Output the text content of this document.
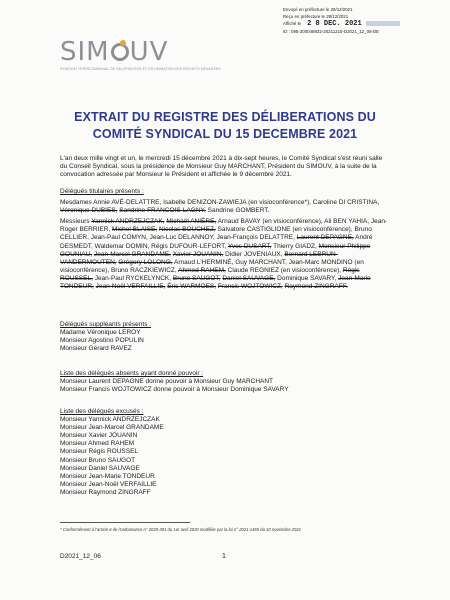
SIM UV
SYNDICAT INTERCOMMUNAL DE VALORISATION ET D'ELIMINATION DES DECHETS MENAGERS
Envoyé en préfecture le 28/12/2021
Reçu en préfecture le 28/12/2021
Affiché le 2 8 DEC. 2021
ID : 095-200048932-20211215-D2021_12_06-DE
EXTRAIT DU REGISTRE DES DÉLIBERATIONS DU
COMITÉ SYNDICAL DU 15 DECEMBRE 2021

L'an deux mille vingt et un, le mercredi 15 décembre 2021 à dix-sept heures, le Comité Syndical s'est réuni salle du Conseil Syndical, sous la présidence de Monsieur Guy MARCHANT, Président du SIMOUV, à la suite de la convocation adressée par Monsieur le Président et affichée le 9 décembre 2021.

Délégués titulaires présents :

Mesdames Annie AVÉ-DELATTRE, Isabelle DENIZON-ZAWIEJA (en visioconférence*), Caroline DI CRISTINA, Véronique DUBIES, Sandrine FRANCOIS-LAGNY, Sandrine GOMBERT.

Messieurs Yannick ANDRZEJCZAK, Michaël ANIÈRE, Arnaud BAVAY (en visioconférence), Ali BEN YAHIA, Jean-Roger BERRIER, Michel BLAISE, Nicolas BOUCHEZ, Salvatore CASTIGLIONE (en visioconférence), Bruno CELLIER, Jean-Paul COMYN, Jean-Luc DELANNOY, Jean-François DELATTRE, Laurent DEPAGNE, André DESMEDT, Waldemar DOMIN, Régis DUFOUR-LEFORT, Yves DUSART, Thierry GIADZ, Monsieur Philippe GOUNIAU, Jean-Marcel GRANDAME, Xavier JOUANIN, Didier JOVENIAUX, Bernard LEBRUN-VANDERMOUTEN, Grégory LOLONG, Arnaud L'HERMINÉ, Guy MARCHANT, Jean-Marc MONDINO (en visioconférence), Bruno RACZKIEWICZ, Ahmed RAHEM, Claude REGNIEZ (en visioconférence), Régis ROUSSEL, Jean-Paul RYCKELYNCK, Bruno SAUGOT, Daniel SAUVAGE, Dominique SAVARY, Jean-Marie TONDEUR, Jean-Noël VERFAILLIE, Éric WARMOES, Francis WOJTOWICZ, Raymond ZINGRAFF.

Délégués suppléants présents :

Madame Véronique LEROY

Monsieur Agostino POPULIN

Monsieur Gérard RAVEZ

Liste des délégués absents ayant donné pouvoir :

Monsieur Laurent DEPAGNE donne pouvoir à Monsieur Guy MARCHANT

Monsieur Francis WOJTOWICZ donne pouvoir à Monsieur Dominique SAVARY

Liste des délégués excusés :

Monsieur Yannick ANDRZEJCZAK

Monsieur Jean-Marcel GRANDAME

Monsieur Xavier JOUANIN

Monsieur Ahmed RAHEM

Monsieur Régis ROUSSEL

Monsieur Bruno SAUGOT

Monsieur Daniel SAUVAGE

Monsieur Jean-Marie TONDEUR

Monsieur Jean-Noël VERFAILLIE

Monsieur Raymond ZINGRAFF

* Conformément à l'article 6 de l'ordonnance n° 2020-391 du 1er avril 2020 modifiée par la loi n° 2021-1465 du 10 novembre 2021
D2021_12_06	1
